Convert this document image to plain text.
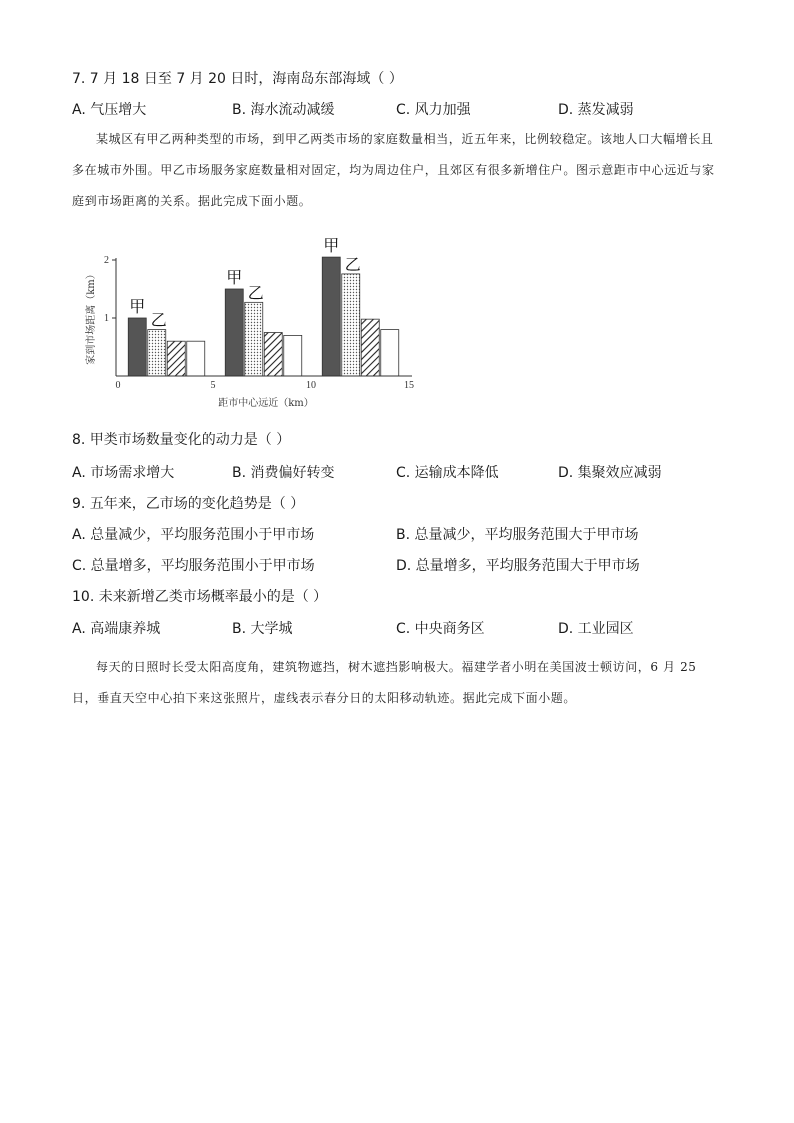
7. 7 月 18 日至 7 月 20 日时，海南岛东部海域（ ）
A. 气压增大	B. 海水流动减缓	C. 风力加强	D. 蒸发减弱
某城区有甲乙两种类型的市场，到甲乙两类市场的家庭数量相当，近五年来，比例较稳定。该地人口大幅增长且多在城市外围。甲乙市场服务家庭数量相对固定，均为周边住户，且郊区有很多新增住户。图示意距市中心远近与家庭到市场距离的关系。据此完成下面小题。
0	5	10	15
1
2
家到市场距离（km）
距市中心远近（km）
甲
乙
甲
乙
甲
乙
8. 甲类市场数量变化的动力是（ ）
A. 市场需求增大	B. 消费偏好转变	C. 运输成本降低	D. 集聚效应减弱
9. 五年来，乙市场的变化趋势是（ ）
A. 总量减少，平均服务范围小于甲市场	B. 总量减少，平均服务范围大于甲市场
C. 总量增多，平均服务范围小于甲市场	D. 总量增多，平均服务范围大于甲市场
10. 未来新增乙类市场概率最小的是（ ）
A. 高端康养城	B. 大学城	C. 中央商务区	D. 工业园区
每天的日照时长受太阳高度角，建筑物遮挡，树木遮挡影响极大。福建学者小明在美国波士顿访问，6 月 25 日，垂直天空中心拍下来这张照片，虚线表示春分日的太阳移动轨迹。据此完成下面小题。
